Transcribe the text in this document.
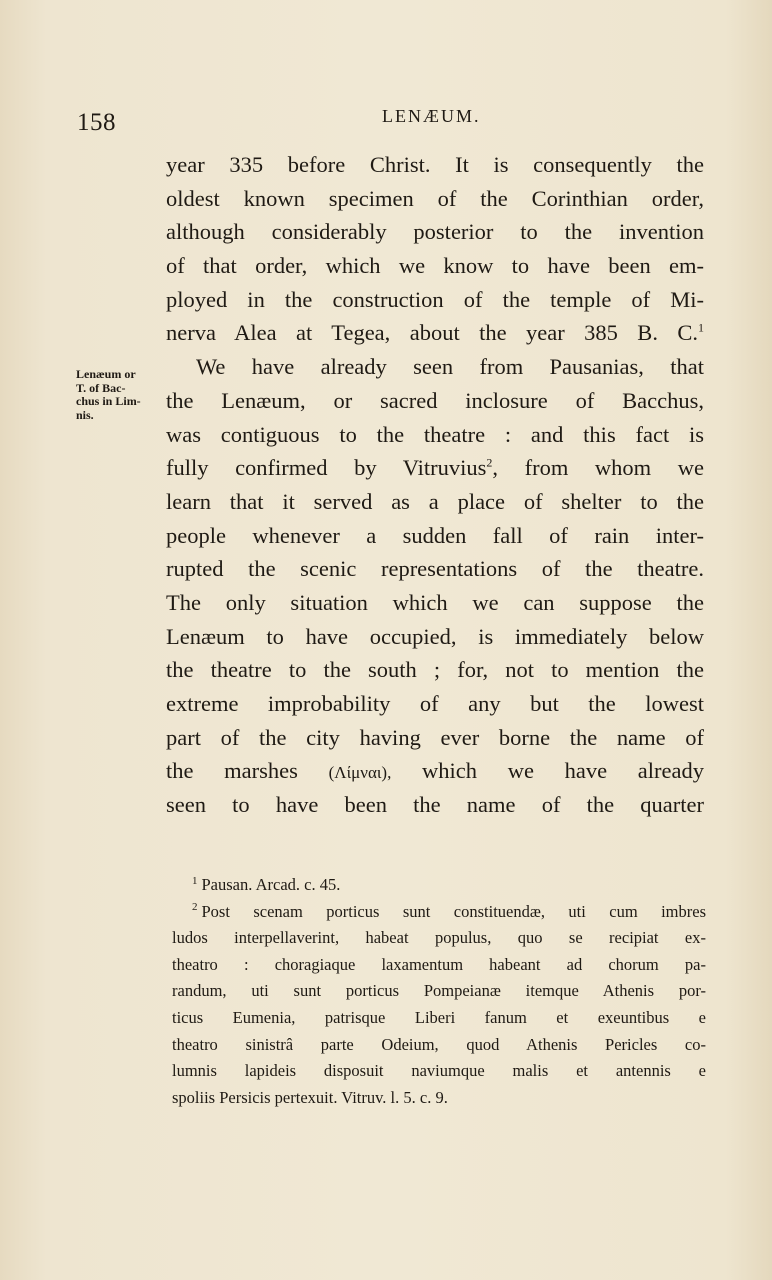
158	LENÆUM.
Lenæum or
T. of Bac-
chus in Lim-
nis.
year 335 before Christ. It is consequently the
oldest known specimen of the Corinthian order,
although considerably posterior to the invention
of that order, which we know to have been em-
ployed in the construction of the temple of Mi-
nerva Alea at Tegea, about the year 385 B. C.$^1$
We have already seen from Pausanias, that
the Lenæum, or sacred inclosure of Bacchus,
was contiguous to the theatre : and this fact is
fully confirmed by Vitruvius$^2$, from whom we
learn that it served as a place of shelter to the
people whenever a sudden fall of rain inter-
rupted the scenic representations of the theatre.
The only situation which we can suppose the
Lenæum to have occupied, is immediately below
the theatre to the south ; for, not to mention the
extreme improbability of any but the lowest
part of the city having ever borne the name of
the marshes (Λίμναι), which we have already
seen to have been the name of the quarter
$^1$ Pausan. Arcad. c. 45.
$^2$ Post scenam porticus sunt constituendæ, uti cum imbres
ludos interpellaverint, habeat populus, quo se recipiat ex-
theatro : choragiaque laxamentum habeant ad chorum pa-
randum, uti sunt porticus Pompeianæ itemque Athenis por-
ticus Eumenia, patrisque Liberi fanum et exeuntibus e
theatro sinistrâ parte Odeium, quod Athenis Pericles co-
lumnis lapideis disposuit naviumque malis et antennis e
spoliis Persicis pertexuit. Vitruv. l. 5. c. 9.
